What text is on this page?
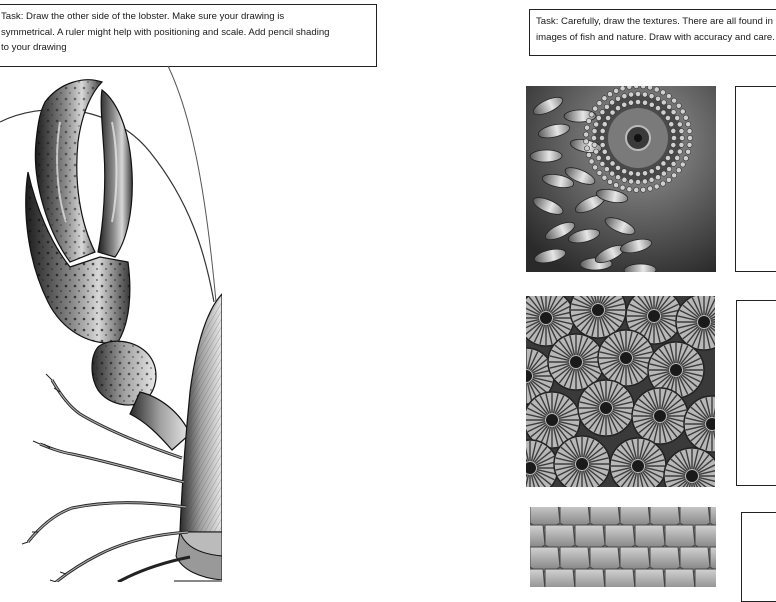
Task: Draw the other side of the lobster. Make sure your drawing is

symmetrical. A ruler might help with positioning and scale. Add pencil shading

to your drawing

Task: Carefully, draw the textures. There are all found in

images of fish and nature. Draw with accuracy and care.
